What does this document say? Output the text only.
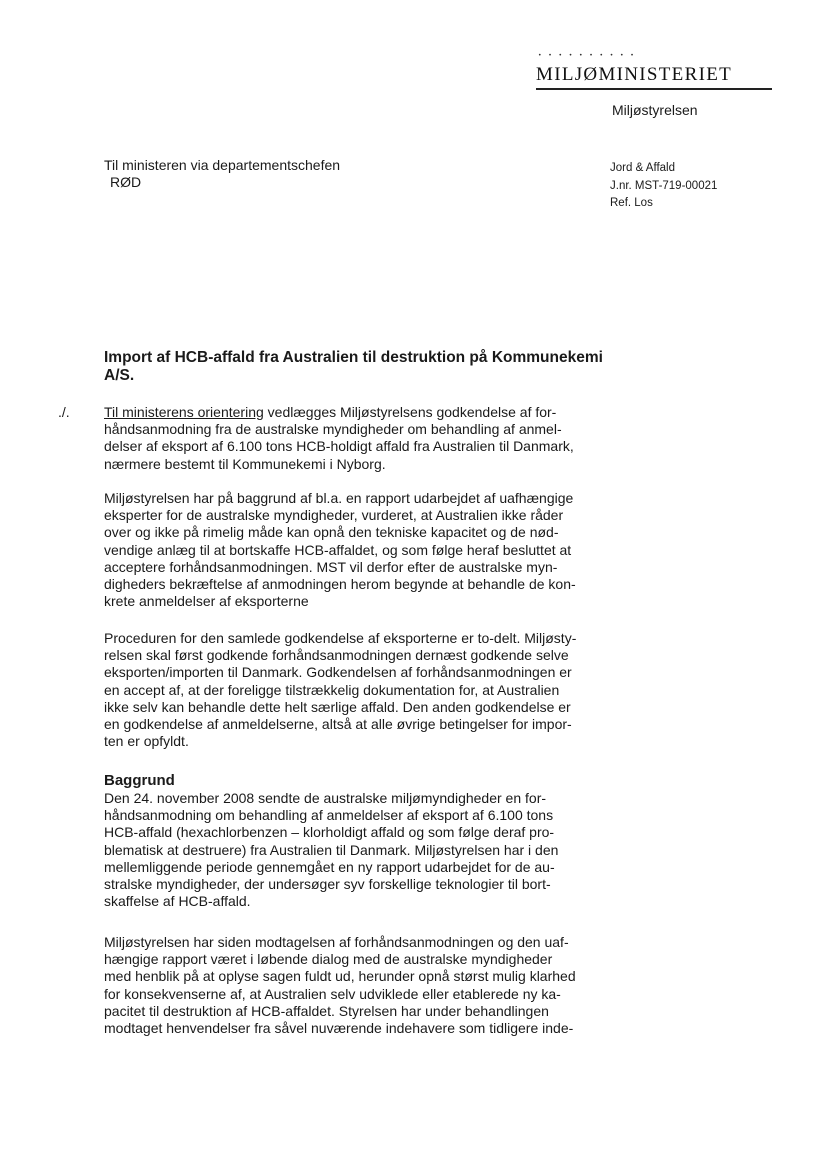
• • • • • • • • • •
MILJØMINISTERIET
Miljøstyrelsen
Til ministeren via departementschefen
RØD
Jord & Affald
J.nr. MST-719-00021
Ref. Los
Import af HCB-affald fra Australien til destruktion på Kommunekemi A/S.
./. Til ministerens orientering vedlægges Miljøstyrelsens godkendelse af for-
håndsanmodning fra de australske myndigheder om behandling af anmel-
delser af eksport af 6.100 tons HCB-holdigt affald fra Australien til Danmark,
nærmere bestemt til Kommunekemi i Nyborg.
Miljøstyrelsen har på baggrund af bl.a. en rapport udarbejdet af uafhængige
eksperter for de australske myndigheder, vurderet, at Australien ikke råder
over og ikke på rimelig måde kan opnå den tekniske kapacitet og de nød-
vendige anlæg til at bortskaffe HCB-affaldet, og som følge heraf besluttet at
acceptere forhåndsanmodningen. MST vil derfor efter de australske myn-
digheders bekræftelse af anmodningen herom begynde at behandle de kon-
krete anmeldelser af eksporterne
Proceduren for den samlede godkendelse af eksporterne er to-delt. Miljøsty-
relsen skal først godkende forhåndsanmodningen dernæst godkende selve
eksporten/importen til Danmark. Godkendelsen af forhåndsanmodningen er
en accept af, at der foreligge tilstrækkelig dokumentation for, at Australien
ikke selv kan behandle dette helt særlige affald. Den anden godkendelse er
en godkendelse af anmeldelserne, altså at alle øvrige betingelser for impor-
ten er opfyldt.
Baggrund
Den 24. november 2008 sendte de australske miljømyndigheder en for-
håndsanmodning om behandling af anmeldelser af eksport af 6.100 tons
HCB-affald (hexachlorbenzen – klorholdigt affald og som følge deraf pro-
blematisk at destruere) fra Australien til Danmark. Miljøstyrelsen har i den
mellemliggende periode gennemgået en ny rapport udarbejdet for de au-
stralske myndigheder, der undersøger syv forskellige teknologier til bort-
skaffelse af HCB-affald.
Miljøstyrelsen har siden modtagelsen af forhåndsanmodningen og den uaf-
hængige rapport været i løbende dialog med de australske myndigheder
med henblik på at oplyse sagen fuldt ud, herunder opnå størst mulig klarhed
for konsekvenserne af, at Australien selv udviklede eller etablerede ny ka-
pacitet til destruktion af HCB-affaldet. Styrelsen har under behandlingen
modtaget henvendelser fra såvel nuværende indehavere som tidligere inde-
